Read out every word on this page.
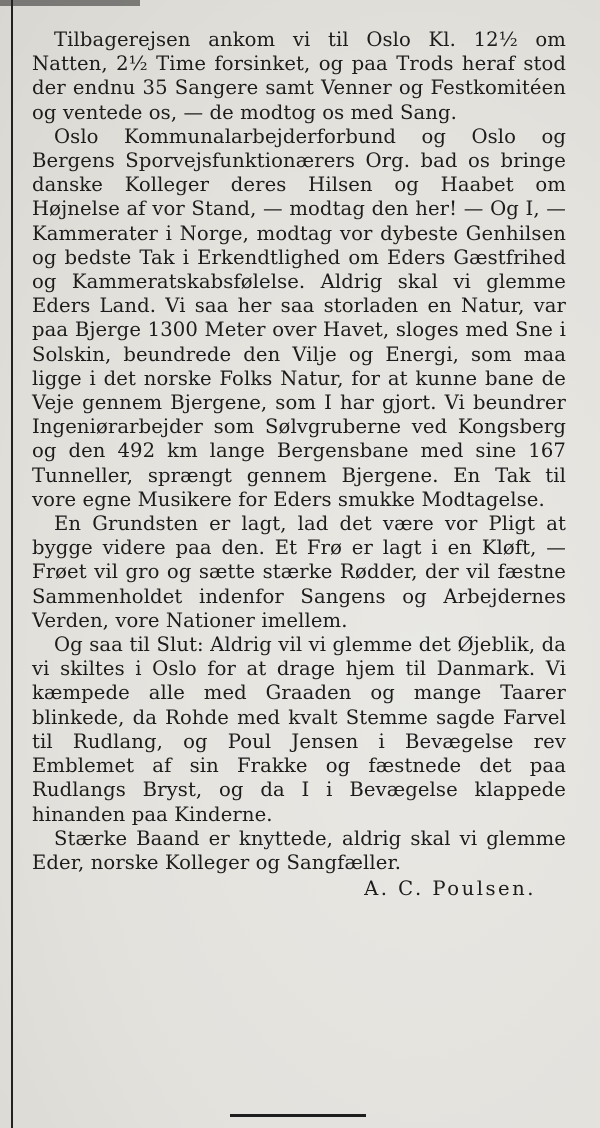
Tilbagerejsen ankom vi til Oslo Kl. 12½ om Natten, 2½ Time forsinket, og paa Trods heraf stod der endnu 35 Sangere samt Venner og Festkomitéen og ventede os, — de modtog os med Sang.

Oslo Kommunalarbejderforbund og Oslo og Bergens Sporvejsfunktionærers Org. bad os bringe danske Kolleger deres Hilsen og Haabet om Højnelse af vor Stand, — modtag den her! — Og I, — Kammerater i Norge, modtag vor dybeste Genhilsen og bedste Tak i Erkendtlighed om Eders Gæstfrihed og Kammeratskabsfølelse. Aldrig skal vi glemme Eders Land. Vi saa her saa storladen en Natur, var paa Bjerge 1300 Meter over Havet, sloges med Sne i Solskin, beundrede den Vilje og Energi, som maa ligge i det norske Folks Natur, for at kunne bane de Veje gennem Bjergene, som I har gjort. Vi beundrer Ingeniørarbejder som Sølvgruberne ved Kongsberg og den 492 km lange Bergensbane med sine 167 Tunneller, sprængt gennem Bjergene. En Tak til vore egne Musikere for Eders smukke Modtagelse.

En Grundsten er lagt, lad det være vor Pligt at bygge videre paa den. Et Frø er lagt i en Kløft, — Frøet vil gro og sætte stærke Rødder, der vil fæstne Sammenholdet indenfor Sangens og Arbejdernes Verden, vore Nationer imellem.

Og saa til Slut: Aldrig vil vi glemme det Øjeblik, da vi skiltes i Oslo for at drage hjem til Danmark. Vi kæmpede alle med Graaden og mange Taarer blinkede, da Rohde med kvalt Stemme sagde Farvel til Rudlang, og Poul Jensen i Bevægelse rev Emblemet af sin Frakke og fæstnede det paa Rudlangs Bryst, og da I i Bevægelse klappede hinanden paa Kinderne.

Stærke Baand er knyttede, aldrig skal vi glemme Eder, norske Kolleger og Sangfæller.

A. C. Poulsen.
